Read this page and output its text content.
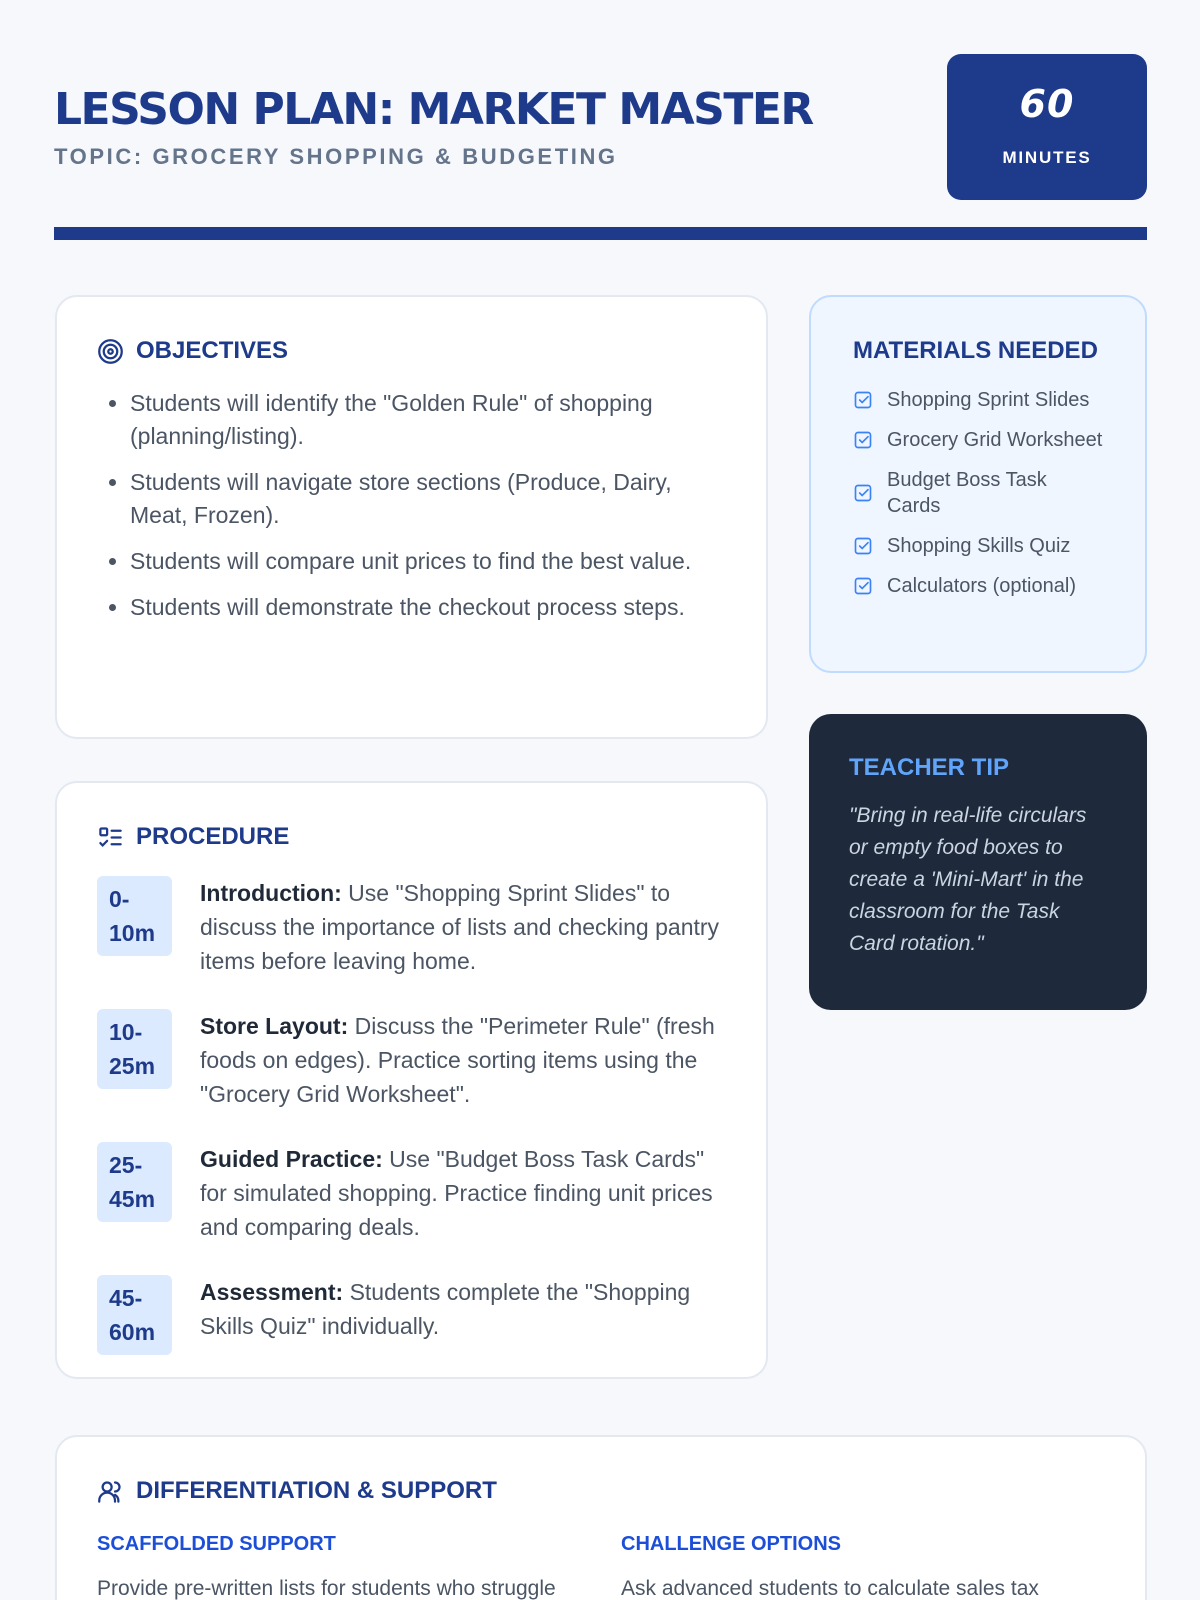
LESSON PLAN: MARKET MASTER
TOPIC: GROCERY SHOPPING & BUDGETING
60
MINUTES
OBJECTIVES
• Students will identify the "Golden Rule" of shopping (planning/listing).
• Students will navigate store sections (Produce, Dairy, Meat, Frozen).
• Students will compare unit prices to find the best value.
• Students will demonstrate the checkout process steps.
PROCEDURE
0-
10m
Introduction: Use "Shopping Sprint Slides" to discuss the importance of lists and checking pantry items before leaving home.
10-
25m
Store Layout: Discuss the "Perimeter Rule" (fresh foods on edges). Practice sorting items using the "Grocery Grid Worksheet".
25-
45m
Guided Practice: Use "Budget Boss Task Cards" for simulated shopping. Practice finding unit prices and comparing deals.
45-
60m
Assessment: Students complete the "Shopping Skills Quiz" individually.
MATERIALS NEEDED
Shopping Sprint Slides
Grocery Grid Worksheet
Budget Boss Task Cards
Shopping Skills Quiz
Calculators (optional)
TEACHER TIP

"Bring in real-life circulars or empty food boxes to create a 'Mini-Mart' in the classroom for the Task Card rotation."

DIFFERENTIATION & SUPPORT
SCAFFOLDED SUPPORT

Provide pre-written lists for students who struggle

CHALLENGE OPTIONS

Ask advanced students to calculate sales tax
